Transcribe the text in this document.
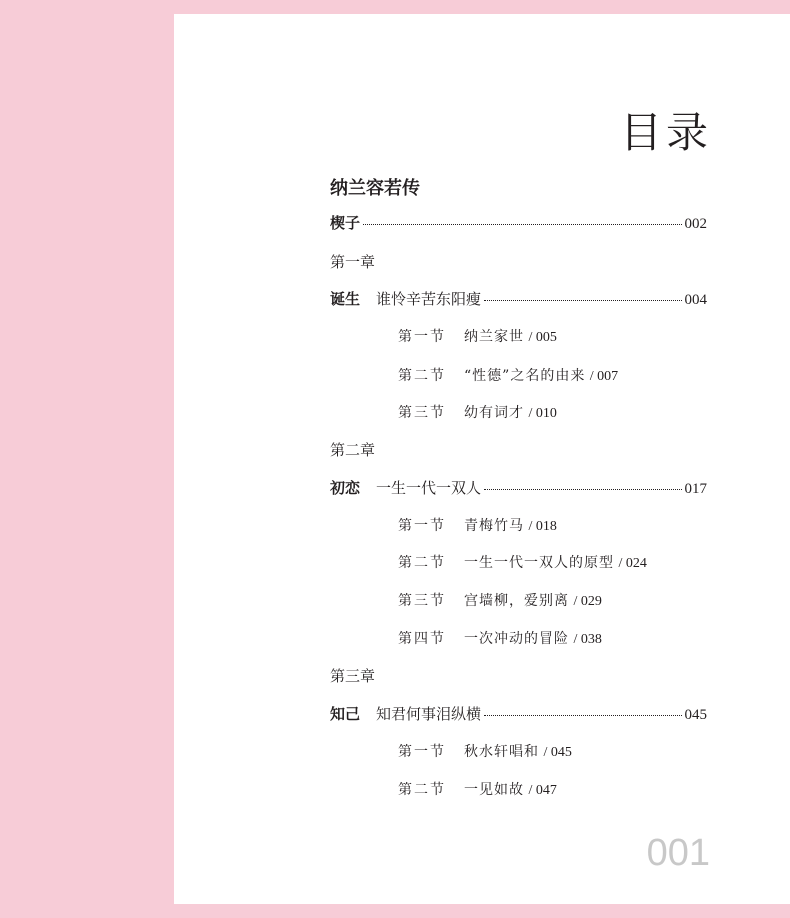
目录
纳兰容若传
楔子	002
第一章
诞生 谁怜辛苦东阳瘦	004
第一节 纳兰家世 / 005
第二节 “性德”之名的由来 / 007
第三节 幼有词才 / 010
第二章
初恋 一生一代一双人	017
第一节 青梅竹马 / 018
第二节 一生一代一双人的原型 / 024
第三节 宫墙柳，爱别离 / 029
第四节 一次冲动的冒险 / 038
第三章
知己 知君何事泪纵横	045
第一节 秋水轩唱和 / 045
第二节 一见如故 / 047
001
